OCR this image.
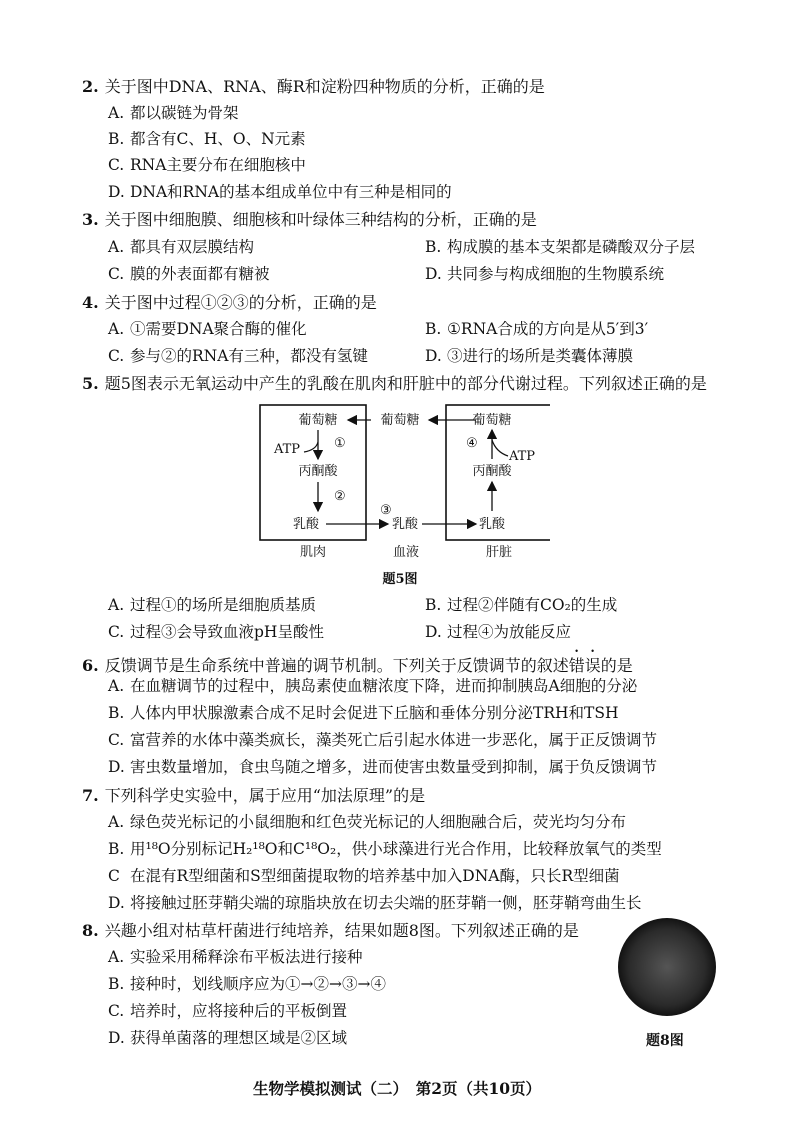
2. 关于图中DNA、RNA、酶R和淀粉四种物质的分析，正确的是
A. 都以碳链为骨架
B. 都含有C、H、O、N元素
C. RNA主要分布在细胞核中
D. DNA和RNA的基本组成单位中有三种是相同的
3. 关于图中细胞膜、细胞核和叶绿体三种结构的分析，正确的是
A. 都具有双层膜结构	B. 构成膜的基本支架都是磷酸双分子层
C. 膜的外表面都有糖被	D. 共同参与构成细胞的生物膜系统
4. 关于图中过程①②③的分析，正确的是
A. ①需要DNA聚合酶的催化	B. ①RNA合成的方向是从5′到3′
C. 参与②的RNA有三种，都没有氢键	D. ③进行的场所是类囊体薄膜
5. 题5图表示无氧运动中产生的乳酸在肌肉和肝脏中的部分代谢过程。下列叙述正确的是
葡萄糖
丙酮酸
乳酸
ATP	①
②
葡萄糖
乳酸
③
葡萄糖
丙酮酸
乳酸
④
ATP
肌肉	血液	肝脏
题5图
A. 过程①的场所是细胞质基质	B. 过程②伴随有CO₂的生成
C. 过程③会导致血液pH呈酸性	D. 过程④为放能反应
6. 反馈调节是生命系统中普遍的调节机制。下列关于反馈调节的叙述错误的是
A. 在血糖调节的过程中，胰岛素使血糖浓度下降，进而抑制胰岛A细胞的分泌
B. 人体内甲状腺激素合成不足时会促进下丘脑和垂体分别分泌TRH和TSH
C. 富营养的水体中藻类疯长，藻类死亡后引起水体进一步恶化，属于正反馈调节
D. 害虫数量增加，食虫鸟随之增多，进而使害虫数量受到抑制，属于负反馈调节
7. 下列科学史实验中，属于应用“加法原理”的是
A. 绿色荧光标记的小鼠细胞和红色荧光标记的人细胞融合后，荧光均匀分布
B. 用¹⁸O分别标记H₂¹⁸O和C¹⁸O₂，供小球藻进行光合作用，比较释放氧气的类型
C 在混有R型细菌和S型细菌提取物的培养基中加入DNA酶，只长R型细菌
D. 将接触过胚芽鞘尖端的琼脂块放在切去尖端的胚芽鞘一侧，胚芽鞘弯曲生长
8. 兴趣小组对枯草杆菌进行纯培养，结果如题8图。下列叙述正确的是
A. 实验采用稀释涂布平板法进行接种
B. 接种时，划线顺序应为①→②→③→④
C. 培养时，应将接种后的平板倒置
D. 获得单菌落的理想区域是②区域	题8图
生物学模拟测试（二）　第2页（共10页）
